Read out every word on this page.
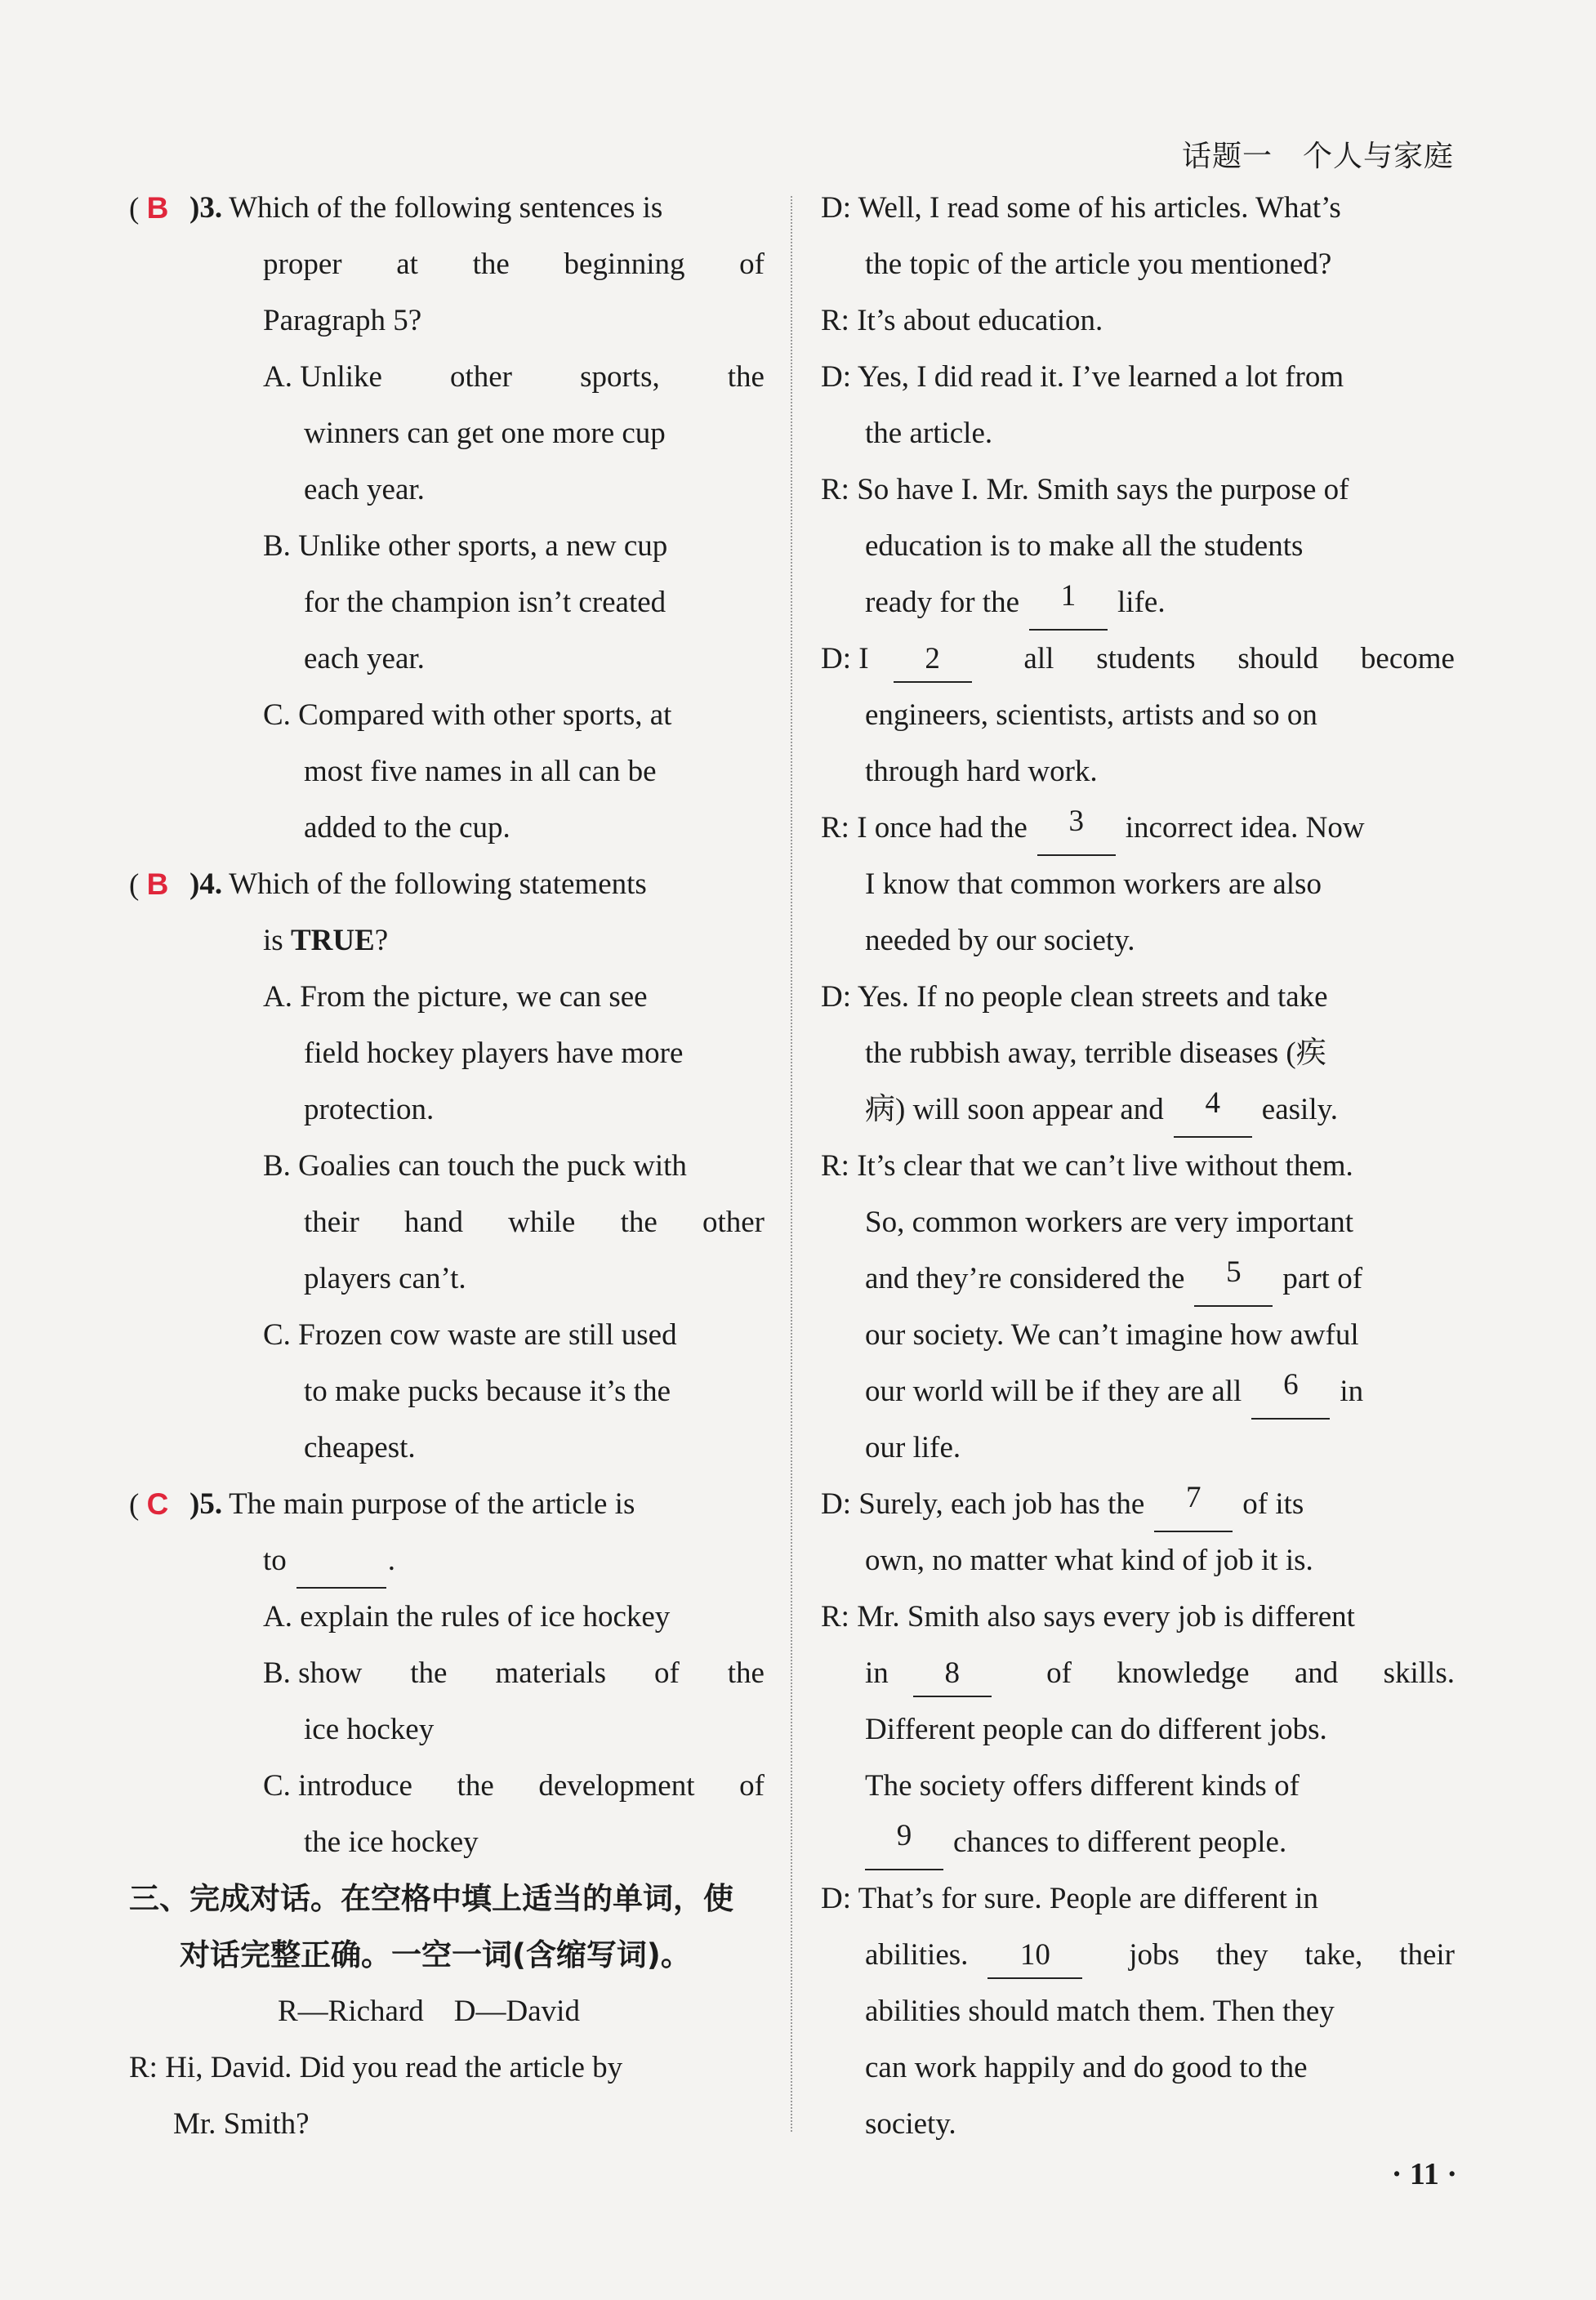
话题一　个人与家庭
( B )3. Which of the following sentences is
proper at the beginning of
Paragraph 5?
A. Unlike other sports, the
winners can get one more cup
each year.
B. Unlike other sports, a new cup
for the champion isn’t created
each year.
C. Compared with other sports, at
most five names in all can be
added to the cup.
( B )4. Which of the following statements
is TRUE ?
A. From the picture, we can see
field hockey players have more
protection.
B. Goalies can touch the puck with
their hand while the other
players can’t.
C. Frozen cow waste are still used
to make pucks because it’s the
cheapest.
( C )5. The main purpose of the article is
to
	.
A. explain the rules of ice hockey
B. show the materials of the
ice hockey
C. introduce the development of
the ice hockey
三、完成对话。在空格中填上适当的单词，使
对话完整正确。一空一词(含缩写词)。
R—Richard　D—David
R: Hi, David. Did you read the article by
Mr. Smith?
D: Well, I read some of his articles. What’s
the topic of the article you mentioned?
R: It’s about education.
D: Yes, I did read it. I’ve learned a lot from
the article.
R: So have I. Mr. Smith says the purpose of
education is to make all the students
ready for the	1	life.
D: I 2	all students should become
engineers, scientists, artists and so on
through hard work.
R: I once had the	3	incorrect idea. Now
I know that common workers are also
needed by our society.
D: Yes. If no people clean streets and take
the rubbish away, terrible diseases (疾
病) will soon appear and	4	easily.
R: It’s clear that we can’t live without them.
So, common workers are very important
and they’re considered the	5	part of
our society. We can’t imagine how awful
our world will be if they are all	6	in
our life.
D: Surely, each job has the	7	of its
own, no matter what kind of job it is.
R: Mr. Smith also says every job is different
in 8	of knowledge and skills.
Different people can do different jobs.
The society offers different kinds of
9	chances to different people.
D: That’s for sure. People are different in
abilities. 10	jobs they take, their
abilities should match them. Then they
can work happily and do good to the
society.
· 11 ·
